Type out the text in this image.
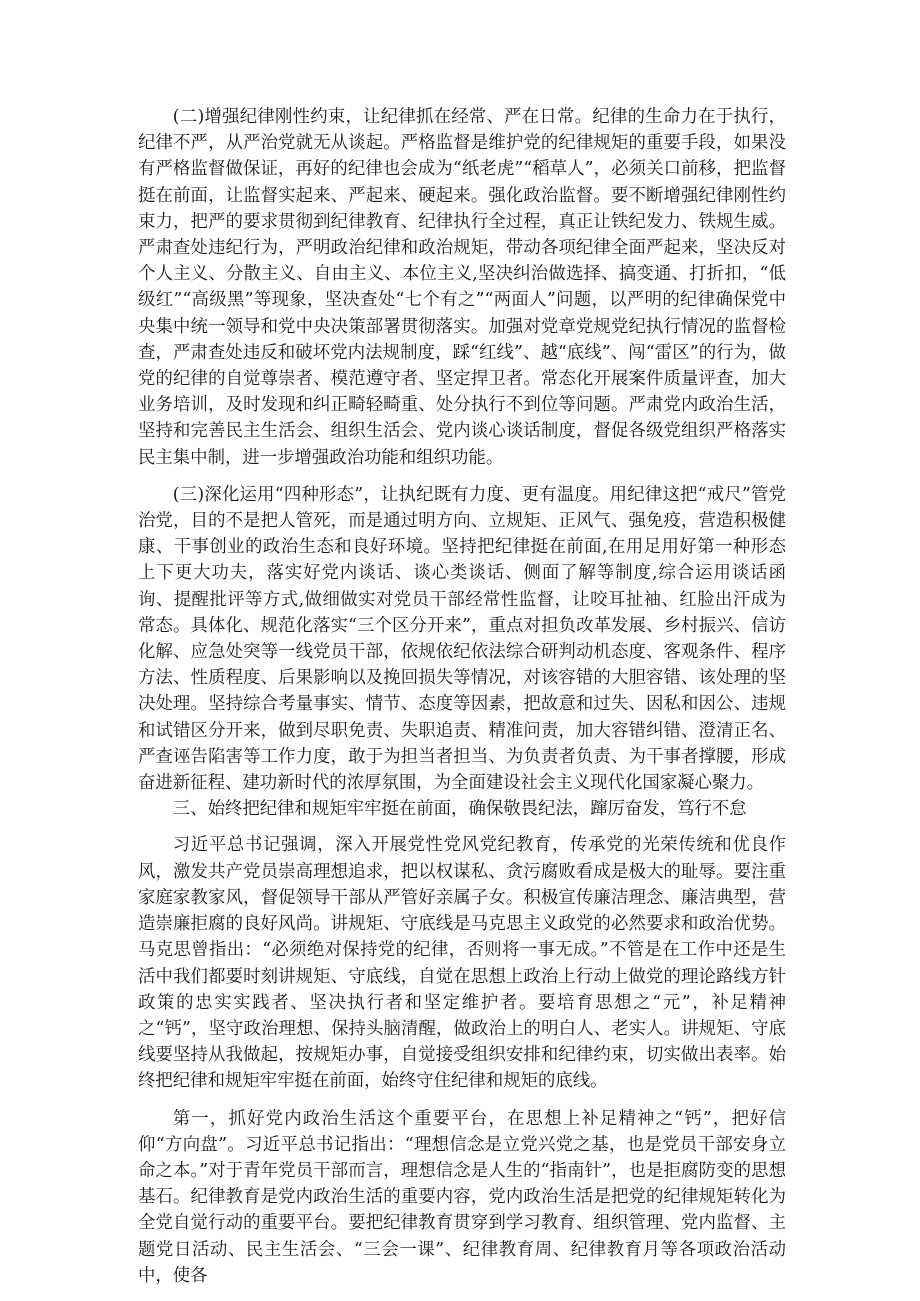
(二)增强纪律刚性约束，让纪律抓在经常、严在日常。纪律的生命力在于执行，纪律不严，从严治党就无从谈起。严格监督是维护党的纪律规矩的重要手段，如果没有严格监督做保证，再好的纪律也会成为“纸老虎”“稻草人”，必须关口前移，把监督挺在前面，让监督实起来、严起来、硬起来。强化政治监督。要不断增强纪律刚性约束力，把严的要求贯彻到纪律教育、纪律执行全过程，真正让铁纪发力、铁规生威。严肃查处违纪行为，严明政治纪律和政治规矩，带动各项纪律全面严起来，坚决反对个人主义、分散主义、自由主义、本位主义,坚决纠治做选择、搞变通、打折扣，“低级红”“高级黑”等现象，坚决查处“七个有之”“两面人”问题，以严明的纪律确保党中央集中统一领导和党中央决策部署贯彻落实。加强对党章党规党纪执行情况的监督检查，严肃查处违反和破坏党内法规制度，踩“红线”、越“底线”、闯“雷区”的行为，做党的纪律的自觉尊崇者、模范遵守者、坚定捍卫者。常态化开展案件质量评查，加大业务培训，及时发现和纠正畸轻畸重、处分执行不到位等问题。严肃党内政治生活，坚持和完善民主生活会、组织生活会、党内谈心谈话制度，督促各级党组织严格落实民主集中制，进一步增强政治功能和组织功能。

(三)深化运用“四种形态”，让执纪既有力度、更有温度。用纪律这把“戒尺”管党治党，目的不是把人管死，而是通过明方向、立规矩、正风气、强免疫，营造积极健康、干事创业的政治生态和良好环境。坚持把纪律挺在前面,在用足用好第一种形态上下更大功夫，落实好党内谈话、谈心类谈话、侧面了解等制度,综合运用谈话函询、提醒批评等方式,做细做实对党员干部经常性监督，让咬耳扯袖、红脸出汗成为常态。具体化、规范化落实“三个区分开来”，重点对担负改革发展、乡村振兴、信访化解、应急处突等一线党员干部，依规依纪依法综合研判动机态度、客观条件、程序方法、性质程度、后果影响以及挽回损失等情况，对该容错的大胆容错、该处理的坚决处理。坚持综合考量事实、情节、态度等因素，把故意和过失、因私和因公、违规和试错区分开来，做到尽职免责、失职追责、精准问责，加大容错纠错、澄清正名、严查诬告陷害等工作力度，敢于为担当者担当、为负责者负责、为干事者撑腰，形成奋进新征程、建功新时代的浓厚氛围，为全面建设社会主义现代化国家凝心聚力。

三、始终把纪律和规矩牢牢挺在前面，确保敬畏纪法，蹿厉奋发，笃行不怠

习近平总书记强调，深入开展党性党风党纪教育，传承党的光荣传统和优良作风，激发共产党员崇高理想追求，把以权谋私、贪污腐败看成是极大的耻辱。要注重家庭家教家风，督促领导干部从严管好亲属子女。积极宣传廉洁理念、廉洁典型，营造崇廉拒腐的良好风尚。讲规矩、守底线是马克思主义政党的必然要求和政治优势。马克思曾指出：“必须绝对保持党的纪律，否则将一事无成。”不管是在工作中还是生活中我们都要时刻讲规矩、守底线，自觉在思想上政治上行动上做党的理论路线方针政策的忠实实践者、坚决执行者和坚定维护者。要培育思想之“元”，补足精神之“钙”，坚守政治理想、保持头脑清醒，做政治上的明白人、老实人。讲规矩、守底线要坚持从我做起，按规矩办事，自觉接受组织安排和纪律约束，切实做出表率。始终把纪律和规矩牢牢挺在前面，始终守住纪律和规矩的底线。

第一，抓好党内政治生活这个重要平台，在思想上补足精神之“钙”，把好信仰“方向盘”。习近平总书记指出：“理想信念是立党兴党之基，也是党员干部安身立命之本。”对于青年党员干部而言，理想信念是人生的“指南针”，也是拒腐防变的思想基石。纪律教育是党内政治生活的重要内容，党内政治生活是把党的纪律规矩转化为全党自觉行动的重要平台。要把纪律教育贯穿到学习教育、组织管理、党内监督、主题党日活动、民主生活会、“三会一课”、纪律教育周、纪律教育月等各项政治活动中，使各
